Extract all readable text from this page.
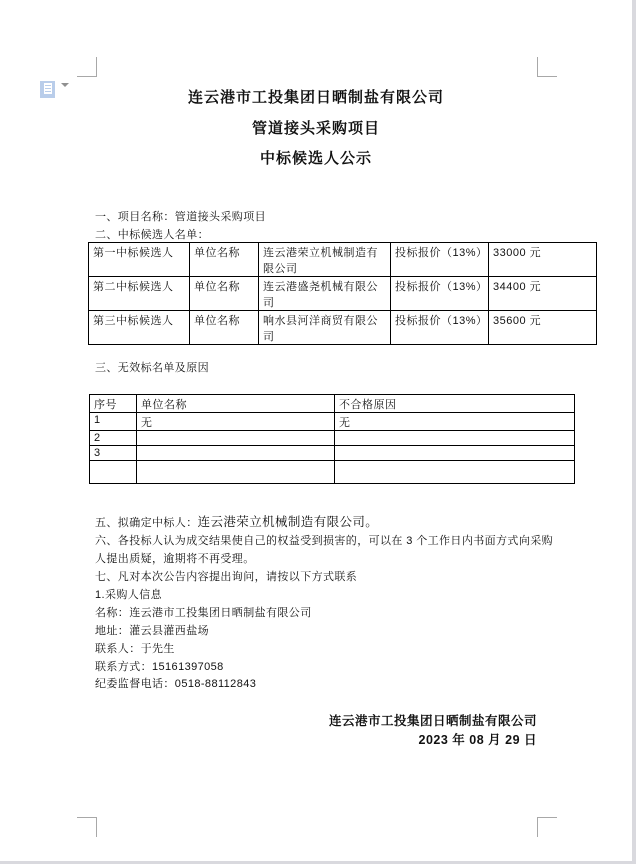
连云港市工投集团日晒制盐有限公司
管道接头采购项目
中标候选人公示
一、项目名称：管道接头采购项目
二、中标候选人名单：
第一中标候选人	单位名称	连云港荣立机械制造有限公司	投标报价（13%）	33000 元
第二中标候选人	单位名称	连云港盛尧机械有限公司	投标报价（13%）	34400 元
第三中标候选人	单位名称	响水县河洋商贸有限公司	投标报价（13%）	35600 元
三、无效标名单及原因
序号	单位名称	不合格原因
1	无	无
2		
3		

五、拟确定中标人：连云港荣立机械制造有限公司。
六、各投标人认为成交结果使自己的权益受到损害的，可以在 3 个工作日内书面方式向采购
人提出质疑，逾期将不再受理。
七、凡对本次公告内容提出询问，请按以下方式联系
1.采购人信息
名称：连云港市工投集团日晒制盐有限公司
地址：灌云县灌西盐场
联系人：于先生
联系方式：15161397058
纪委监督电话：0518-88112843
连云港市工投集团日晒制盐有限公司
2023 年 08 月 29 日
